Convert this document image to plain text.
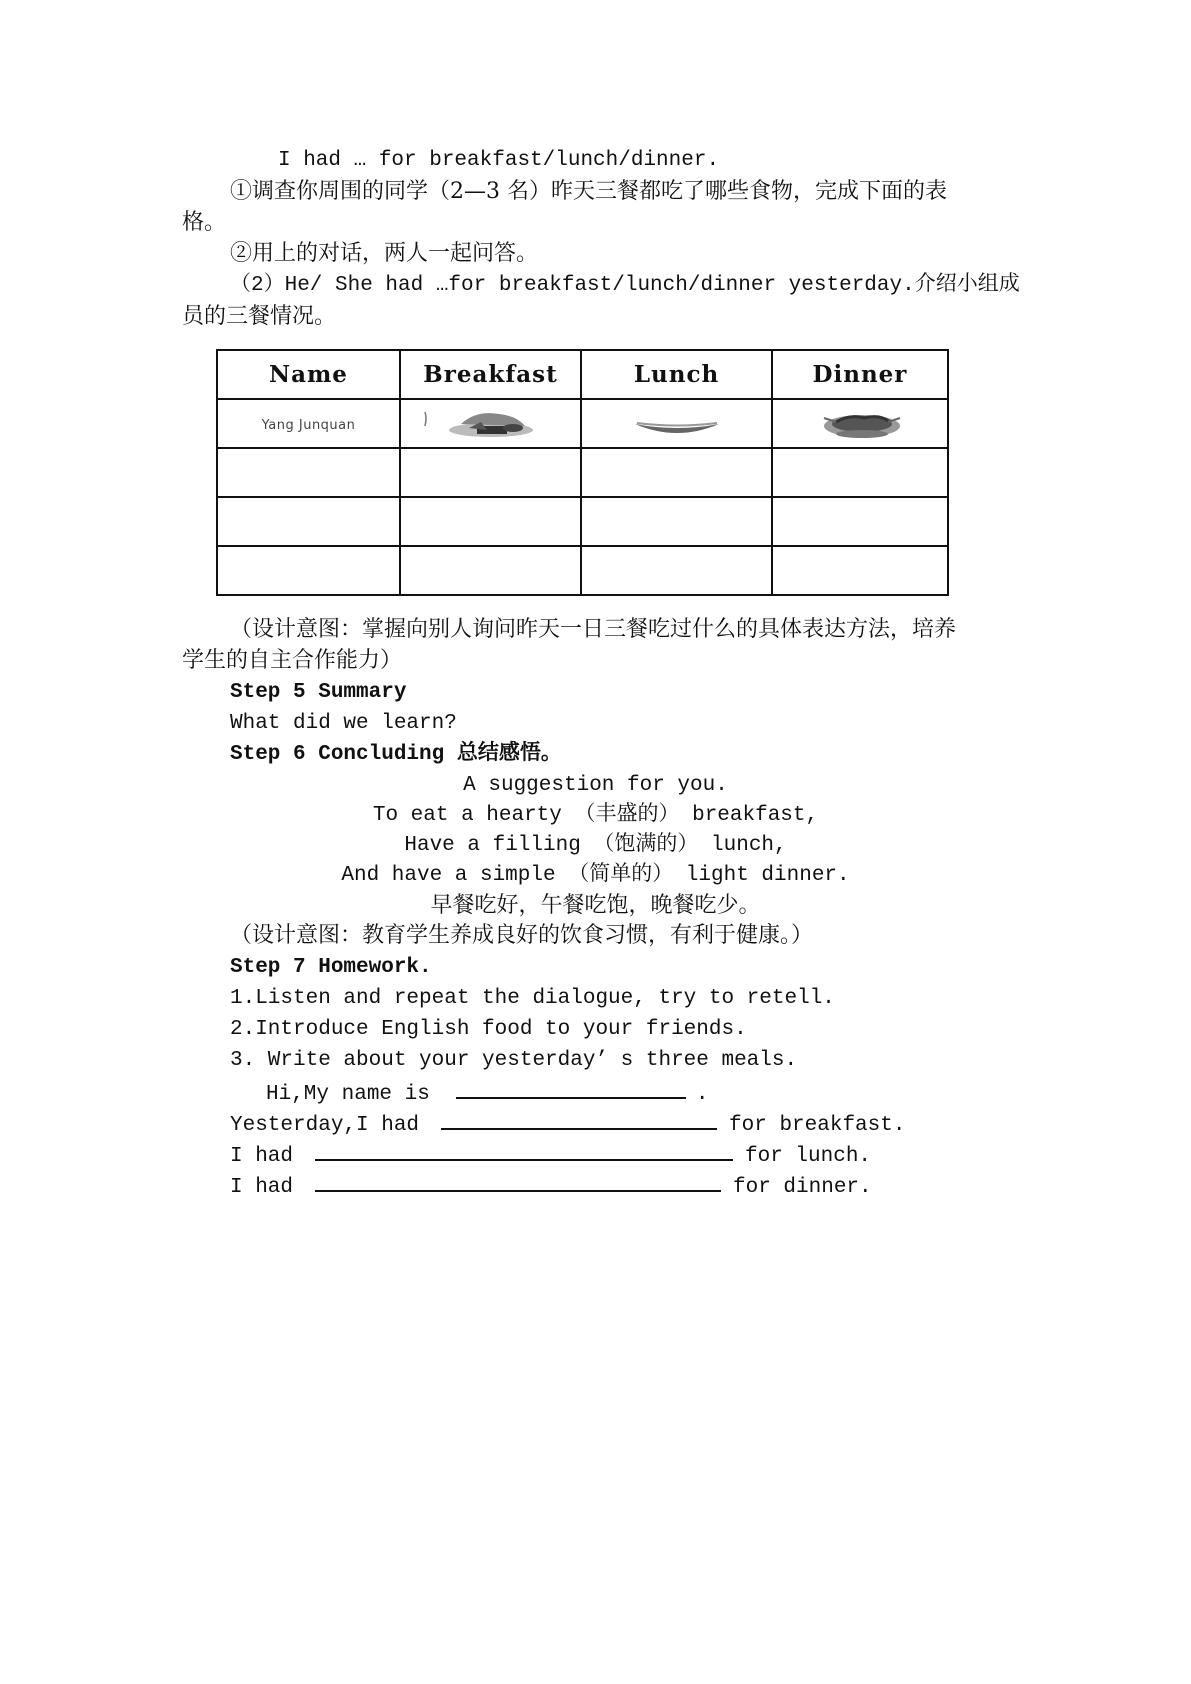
I had … for breakfast/lunch/dinner.
①调查你周围的同学（2—3 名）昨天三餐都吃了哪些食物，完成下面的表
格。
②用上的对话，两人一起问答。
（2）He/ She had …for breakfast/lunch/dinner yesterday.介绍小组成
员的三餐情况。
Name	Breakfast	Lunch	Dinner
Yang Junquan	

（设计意图：掌握向别人询问昨天一日三餐吃过什么的具体表达方法，培养
学生的自主合作能力）
Step 5 Summary
What did we learn?
Step 6 Concluding 总结感悟。
A suggestion for you.
To eat a hearty （丰盛的） breakfast,
Have a filling （饱满的） lunch,
And have a simple （简单的） light dinner.
早餐吃好，午餐吃饱，晚餐吃少。
（设计意图：教育学生养成良好的饮食习惯，有利于健康。）
Step 7 Homework.
1.Listen and repeat the dialogue, try to retell.
2.Introduce English food to your friends.
3. Write about your yesterday’ s three meals.
Hi,My name is	.
Yesterday,I had	for breakfast.
I had	for lunch.
I had	for dinner.
